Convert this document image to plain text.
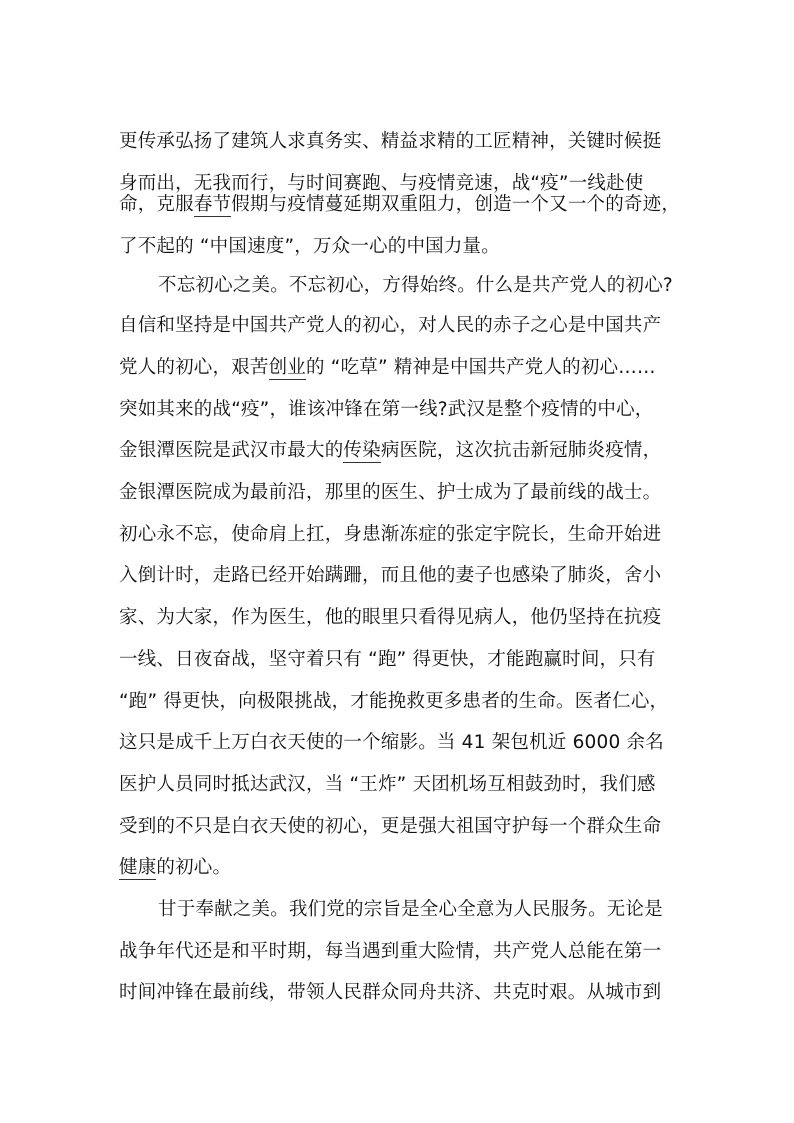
更传承弘扬了建筑人求真务实、精益求精的工匠精神，关键时候挺
身而出，无我而行，与时间赛跑、与疫情竞速，战“疫”一线赴使
命，克服春节假期与疫情蔓延期双重阻力，创造一个又一个的奇迹，
了不起的 “中国速度”，万众一心的中国力量。
不忘初心之美。不忘初心，方得始终。什么是共产党人的初心?
自信和坚持是中国共产党人的初心，对人民的赤子之心是中国共产
党人的初心，艰苦创业的 “吃草” 精神是中国共产党人的初心……
突如其来的战“疫”，谁该冲锋在第一线?武汉是整个疫情的中心，
金银潭医院是武汉市最大的传染病医院，这次抗击新冠肺炎疫情，
金银潭医院成为最前沿，那里的医生、护士成为了最前线的战士。
初心永不忘，使命肩上扛，身患渐冻症的张定宇院长，生命开始进
入倒计时，走路已经开始蹒跚，而且他的妻子也感染了肺炎，舍小
家、为大家，作为医生，他的眼里只看得见病人，他仍坚持在抗疫
一线、日夜奋战，坚守着只有 “跑” 得更快，才能跑赢时间，只有
“跑” 得更快，向极限挑战，才能挽救更多患者的生命。医者仁心，
这只是成千上万白衣天使的一个缩影。当 41 架包机近 6000 余名
医护人员同时抵达武汉，当 “王炸” 天团机场互相鼓劲时，我们感
受到的不只是白衣天使的初心，更是强大祖国守护每一个群众生命
健康的初心。
甘于奉献之美。我们党的宗旨是全心全意为人民服务。无论是
战争年代还是和平时期，每当遇到重大险情，共产党人总能在第一
时间冲锋在最前线，带领人民群众同舟共济、共克时艰。从城市到
